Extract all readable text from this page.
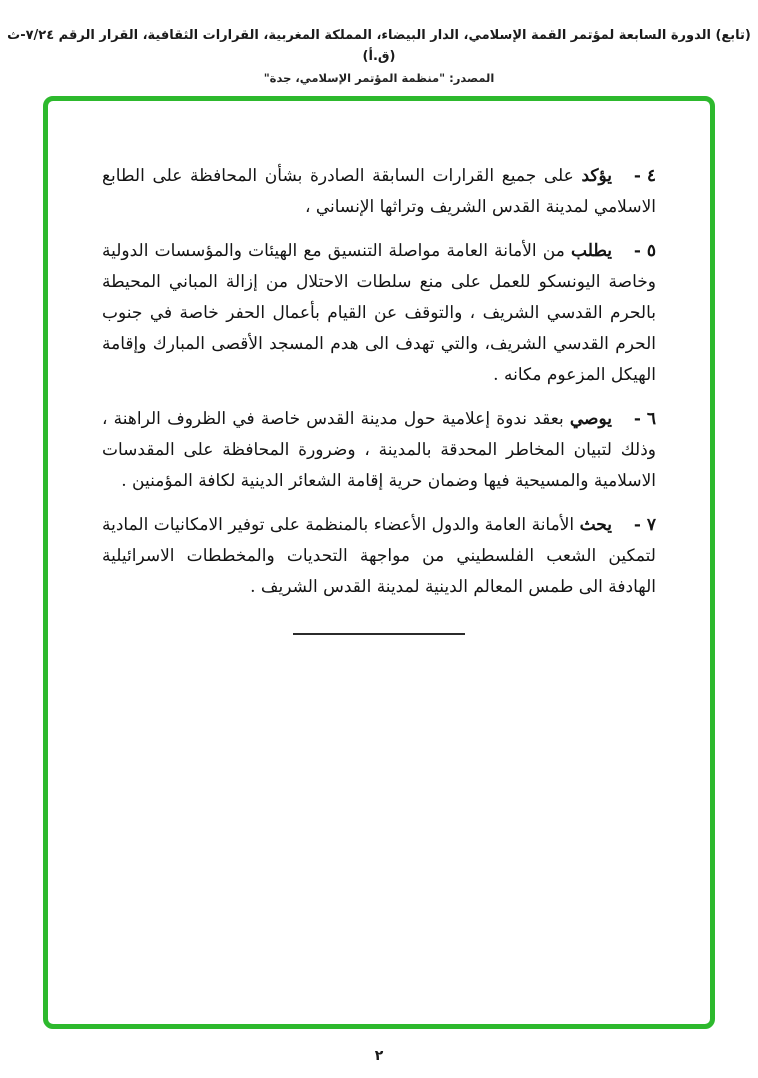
(تابع) الدورة السابعة لمؤتمر القمة الإسلامي، الدار البيضاء، المملكة المغربية، القرارات الثقافية، القرار الرقم ٧/٢٤-ث (ق.أ)
المصدر: "منظمة المؤتمر الإسلامي، جدة"
٤ -
يؤكد على جميع القرارات السابقة الصادرة بشأن المحافظة على الطابع الاسلامي لمدينة القدس الشريف وتراثها الإنساني ،
٥ -
يطلب من الأمانة العامة مواصلة التنسيق مع الهيئات والمؤسسات الدولية وخاصة اليونسكو للعمل على منع سلطات الاحتلال من إزالة المباني المحيطة بالحرم القدسي الشريف ، والتوقف عن القيام بأعمال الحفر خاصة في جنوب الحرم القدسي الشريف، والتي تهدف الى هدم المسجد الأقصى المبارك وإقامة الهيكل المزعوم مكانه .
٦ -
يوصي بعقد ندوة إعلامية حول مدينة القدس خاصة في الظروف الراهنة ، وذلك لتبيان المخاطر المحدقة بالمدينة ، وضرورة المحافظة على المقدسات الاسلامية والمسيحية فيها وضمان حرية إقامة الشعائر الدينية لكافة المؤمنين .
٧ -
يحث الأمانة العامة والدول الأعضاء بالمنظمة على توفير الامكانيات المادية لتمكين الشعب الفلسطيني من مواجهة التحديات والمخططات الاسرائيلية الهادفة الى طمس المعالم الدينية لمدينة القدس الشريف .
٢
